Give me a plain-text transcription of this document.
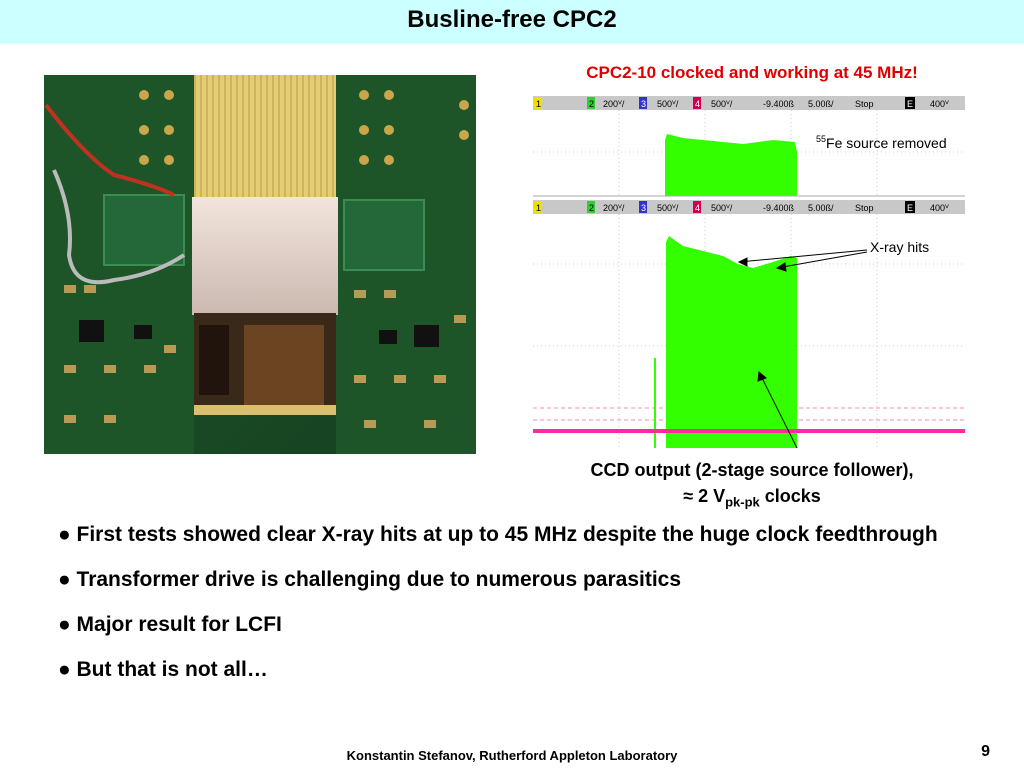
Busline-free CPC2
CPC2-10 clocked and working at 45 MHz!
1	2 200ⱽ/ 3 500ⱽ/ 4 500ⱽ/	-9.400ß 5.00ß/ Stop	E 400ⱽ
1	2 200ⱽ/ 3 500ⱽ/ 4 500ⱽ/	-9.400ß 5.00ß/ Stop	E 400ⱽ
$^{55}$Fe source removed
X-ray hits
CCD output (2-stage source follower),
≈ 2 $V_{pk-pk}$ clocks
● First tests showed clear X-ray hits at up to 45 MHz despite the huge clock feedthrough
● Transformer drive is challenging due to numerous parasitics
● Major result for LCFI
● But that is not all…
Konstantin Stefanov, Rutherford Appleton Laboratory	9
